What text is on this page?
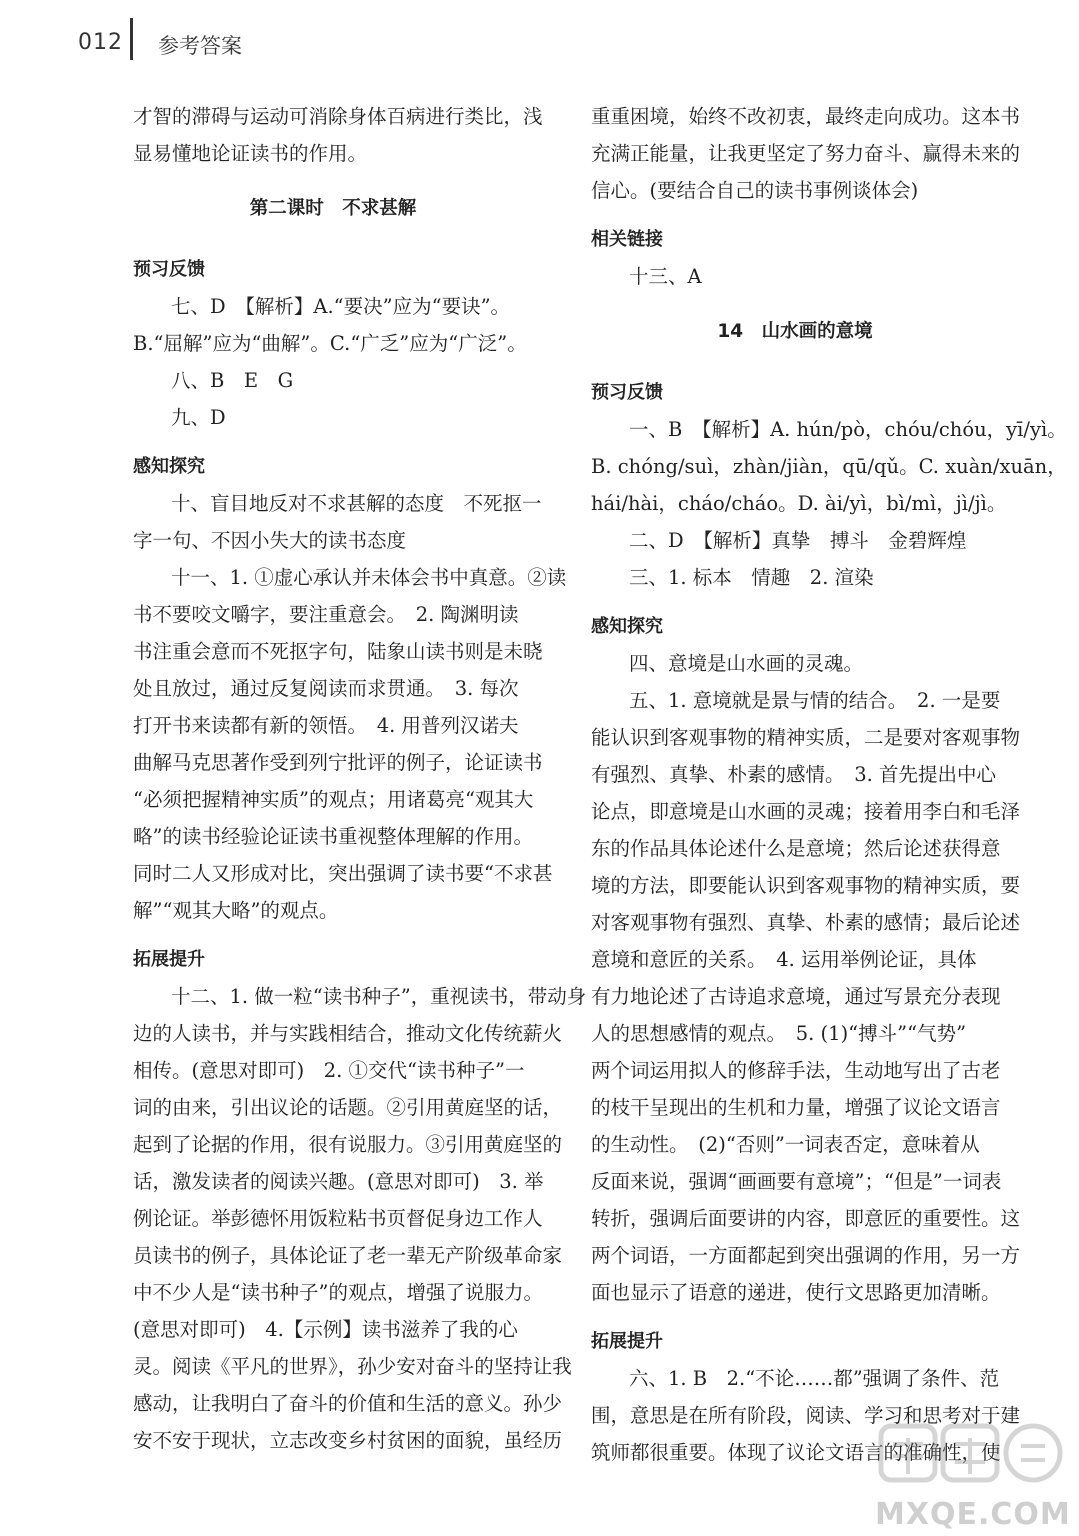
012 参考答案
才智的滞碍与运动可消除身体百病进行类比，浅
显易懂地论证读书的作用。
第二课时　不求甚解
预习反馈
七、D　【解析】A.“要决”应为“要诀”。
B.“屈解”应为“曲解”。C.“广乏”应为“广泛”。
八、B　E　G
九、D
感知探究
十、盲目地反对不求甚解的态度　不死抠一
字一句、不因小失大的读书态度
十一、1. ①虚心承认并未体会书中真意。②读
书不要咬文嚼字，要注重意会。　2. 陶渊明读
书注重会意而不死抠字句，陆象山读书则是未晓
处且放过，通过反复阅读而求贯通。　3. 每次
打开书来读都有新的领悟。　4. 用普列汉诺夫
曲解马克思著作受到列宁批评的例子，论证读书
“必须把握精神实质”的观点；用诸葛亮“观其大
略”的读书经验论证读书重视整体理解的作用。
同时二人又形成对比，突出强调了读书要“不求甚
解”“观其大略”的观点。
拓展提升
十二、1. 做一粒“读书种子”，重视读书，带动身
边的人读书，并与实践相结合，推动文化传统薪火
相传。(意思对即可)　2. ①交代“读书种子”一
词的由来，引出议论的话题。②引用黄庭坚的话，
起到了论据的作用，很有说服力。③引用黄庭坚的
话，激发读者的阅读兴趣。(意思对即可)　3. 举
例论证。举彭德怀用饭粒粘书页督促身边工作人
员读书的例子，具体论证了老一辈无产阶级革命家
中不少人是“读书种子”的观点，增强了说服力。
(意思对即可)　4.【示例】读书滋养了我的心
灵。阅读《平凡的世界》，孙少安对奋斗的坚持让我
感动，让我明白了奋斗的价值和生活的意义。孙少
安不安于现状，立志改变乡村贫困的面貌，虽经历
重重困境，始终不改初衷，最终走向成功。这本书
充满正能量，让我更坚定了努力奋斗、赢得未来的
信心。(要结合自己的读书事例谈体会)
相关链接
十三、A
14　山水画的意境
预习反馈
一、B　【解析】A. hún/pò，chóu/chóu，yī/yì。
B. chóng/suì，zhàn/jiàn，qū/qǔ。C. xuàn/xuān，
hái/hài，cháo/cháo。D. ài/yì，bì/mì，jì/jì。
二、D　【解析】真挚　搏斗　金碧辉煌
三、1. 标本　情趣　2. 渲染
感知探究
四、意境是山水画的灵魂。
五、1. 意境就是景与情的结合。　2. 一是要
能认识到客观事物的精神实质，二是要对客观事物
有强烈、真挚、朴素的感情。　3. 首先提出中心
论点，即意境是山水画的灵魂；接着用李白和毛泽
东的作品具体论述什么是意境；然后论述获得意
境的方法，即要能认识到客观事物的精神实质，要
对客观事物有强烈、真挚、朴素的感情；最后论述
意境和意匠的关系。　4. 运用举例论证，具体
有力地论述了古诗追求意境，通过写景充分表现
人的思想感情的观点。　5. (1)“搏斗”“气势”
两个词运用拟人的修辞手法，生动地写出了古老
的枝干呈现出的生机和力量，增强了议论文语言
的生动性。　(2)“否则”一词表否定，意味着从
反面来说，强调“画画要有意境”；“但是”一词表
转折，强调后面要讲的内容，即意匠的重要性。这
两个词语，一方面都起到突出强调的作用，另一方
面也显示了语意的递进，使行文思路更加清晰。
拓展提升
六、1. B　2.“不论……都”强调了条件、范
围，意思是在所有阶段，阅读、学习和思考对于建
筑师都很重要。体现了议论文语言的准确性，使
MXQE.COM
